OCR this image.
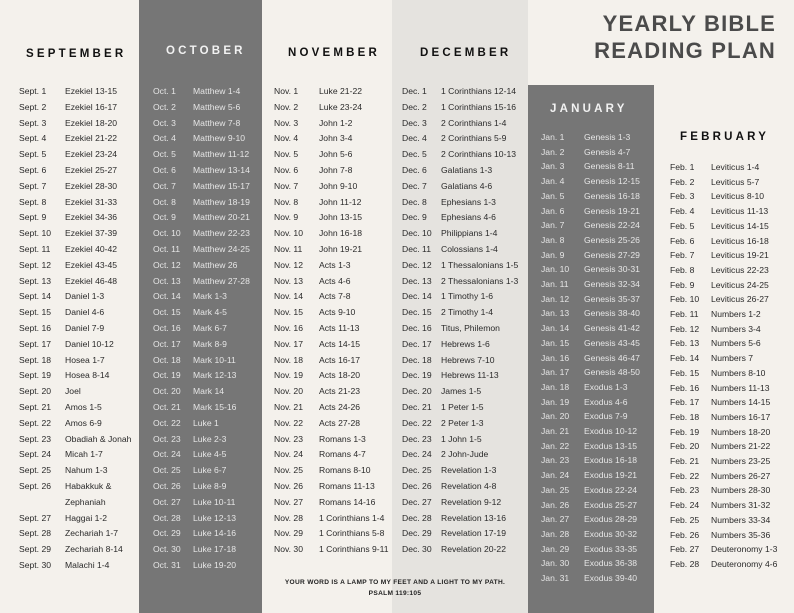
YEARLY BIBLE
READING PLAN
SEPTEMBER
Sept. 1 Ezekiel 13-15
Sept. 2 Ezekiel 16-17
Sept. 3 Ezekiel 18-20
Sept. 4 Ezekiel 21-22
Sept. 5 Ezekiel 23-24
Sept. 6 Ezekiel 25-27
Sept. 7 Ezekiel 28-30
Sept. 8 Ezekiel 31-33
Sept. 9 Ezekiel 34-36
Sept. 10 Ezekiel 37-39
Sept. 11 Ezekiel 40-42
Sept. 12 Ezekiel 43-45
Sept. 13 Ezekiel 46-48
Sept. 14 Daniel 1-3
Sept. 15 Daniel 4-6
Sept. 16 Daniel 7-9
Sept. 17 Daniel 10-12
Sept. 18 Hosea 1-7
Sept. 19 Hosea 8-14
Sept. 20 Joel
Sept. 21 Amos 1-5
Sept. 22 Amos 6-9
Sept. 23 Obadiah & Jonah
Sept. 24 Micah 1-7
Sept. 25 Nahum 1-3
Sept. 26 Habakkuk &
Zephaniah
Sept. 27 Haggai 1-2
Sept. 28 Zechariah 1-7
Sept. 29 Zechariah 8-14
Sept. 30 Malachi 1-4
OCTOBER
Oct. 1 Matthew 1-4
Oct. 2 Matthew 5-6
Oct. 3 Matthew 7-8
Oct. 4 Matthew 9-10
Oct. 5 Matthew 11-12
Oct. 6 Matthew 13-14
Oct. 7 Matthew 15-17
Oct. 8 Matthew 18-19
Oct. 9 Matthew 20-21
Oct. 10 Matthew 22-23
Oct. 11 Matthew 24-25
Oct. 12 Matthew 26
Oct. 13 Matthew 27-28
Oct. 14 Mark 1-3
Oct. 15 Mark 4-5
Oct. 16 Mark 6-7
Oct. 17 Mark 8-9
Oct. 18 Mark 10-11
Oct. 19 Mark 12-13
Oct. 20 Mark 14
Oct. 21 Mark 15-16
Oct. 22 Luke 1
Oct. 23 Luke 2-3
Oct. 24 Luke 4-5
Oct. 25 Luke 6-7
Oct. 26 Luke 8-9
Oct. 27 Luke 10-11
Oct. 28 Luke 12-13
Oct. 29 Luke 14-16
Oct. 30 Luke 17-18
Oct. 31 Luke 19-20
NOVEMBER
Nov. 1 Luke 21-22
Nov. 2 Luke 23-24
Nov. 3 John 1-2
Nov. 4 John 3-4
Nov. 5 John 5-6
Nov. 6 John 7-8
Nov. 7 John 9-10
Nov. 8 John 11-12
Nov. 9 John 13-15
Nov. 10 John 16-18
Nov. 11 John 19-21
Nov. 12 Acts 1-3
Nov. 13 Acts 4-6
Nov. 14 Acts 7-8
Nov. 15 Acts 9-10
Nov. 16 Acts 11-13
Nov. 17 Acts 14-15
Nov. 18 Acts 16-17
Nov. 19 Acts 18-20
Nov. 20 Acts 21-23
Nov. 21 Acts 24-26
Nov. 22 Acts 27-28
Nov. 23 Romans 1-3
Nov. 24 Romans 4-7
Nov. 25 Romans 8-10
Nov. 26 Romans 11-13
Nov. 27 Romans 14-16
Nov. 28 1 Corinthians 1-4
Nov. 29 1 Corinthians 5-8
Nov. 30 1 Corinthians 9-11
DECEMBER
Dec. 1 1 Corinthians 12-14
Dec. 2 1 Corinthians 15-16
Dec. 3 2 Corinthians 1-4
Dec. 4 2 Corinthians 5-9
Dec. 5 2 Corinthians 10-13
Dec. 6 Galatians 1-3
Dec. 7 Galatians 4-6
Dec. 8 Ephesians 1-3
Dec. 9 Ephesians 4-6
Dec. 10 Philippians 1-4
Dec. 11 Colossians 1-4
Dec. 12 1 Thessalonians 1-5
Dec. 13 2 Thessalonians 1-3
Dec. 14 1 Timothy 1-6
Dec. 15 2 Timothy 1-4
Dec. 16 Titus, Philemon
Dec. 17 Hebrews 1-6
Dec. 18 Hebrews 7-10
Dec. 19 Hebrews 11-13
Dec. 20 James 1-5
Dec. 21 1 Peter 1-5
Dec. 22 2 Peter 1-3
Dec. 23 1 John 1-5
Dec. 24 2 John-Jude
Dec. 25 Revelation 1-3
Dec. 26 Revelation 4-8
Dec. 27 Revelation 9-12
Dec. 28 Revelation 13-16
Dec. 29 Revelation 17-19
Dec. 30 Revelation 20-22
JANUARY
Jan. 1 Genesis 1-3
Jan. 2 Genesis 4-7
Jan. 3 Genesis 8-11
Jan. 4 Genesis 12-15
Jan. 5 Genesis 16-18
Jan. 6 Genesis 19-21
Jan. 7 Genesis 22-24
Jan. 8 Genesis 25-26
Jan. 9 Genesis 27-29
Jan. 10 Genesis 30-31
Jan. 11 Genesis 32-34
Jan. 12 Genesis 35-37
Jan. 13 Genesis 38-40
Jan. 14 Genesis 41-42
Jan. 15 Genesis 43-45
Jan. 16 Genesis 46-47
Jan. 17 Genesis 48-50
Jan. 18 Exodus 1-3
Jan. 19 Exodus 4-6
Jan. 20 Exodus 7-9
Jan. 21 Exodus 10-12
Jan. 22 Exodus 13-15
Jan. 23 Exodus 16-18
Jan. 24 Exodus 19-21
Jan. 25 Exodus 22-24
Jan. 26 Exodus 25-27
Jan. 27 Exodus 28-29
Jan. 28 Exodus 30-32
Jan. 29 Exodus 33-35
Jan. 30 Exodus 36-38
Jan. 31 Exodus 39-40
FEBRUARY
Feb. 1 Leviticus 1-4
Feb. 2 Leviticus 5-7
Feb. 3 Leviticus 8-10
Feb. 4 Leviticus 11-13
Feb. 5 Leviticus 14-15
Feb. 6 Leviticus 16-18
Feb. 7 Leviticus 19-21
Feb. 8 Leviticus 22-23
Feb. 9 Leviticus 24-25
Feb. 10 Leviticus 26-27
Feb. 11 Numbers 1-2
Feb. 12 Numbers 3-4
Feb. 13 Numbers 5-6
Feb. 14 Numbers 7
Feb. 15 Numbers 8-10
Feb. 16 Numbers 11-13
Feb. 17 Numbers 14-15
Feb. 18 Numbers 16-17
Feb. 19 Numbers 18-20
Feb. 20 Numbers 21-22
Feb. 21 Numbers 23-25
Feb. 22 Numbers 26-27
Feb. 23 Numbers 28-30
Feb. 24 Numbers 31-32
Feb. 25 Numbers 33-34
Feb. 26 Numbers 35-36
Feb. 27 Deuteronomy 1-3
Feb. 28 Deuteronomy 4-6
YOUR WORD IS A LAMP TO MY FEET AND A LIGHT TO MY PATH.
PSALM 119:105
